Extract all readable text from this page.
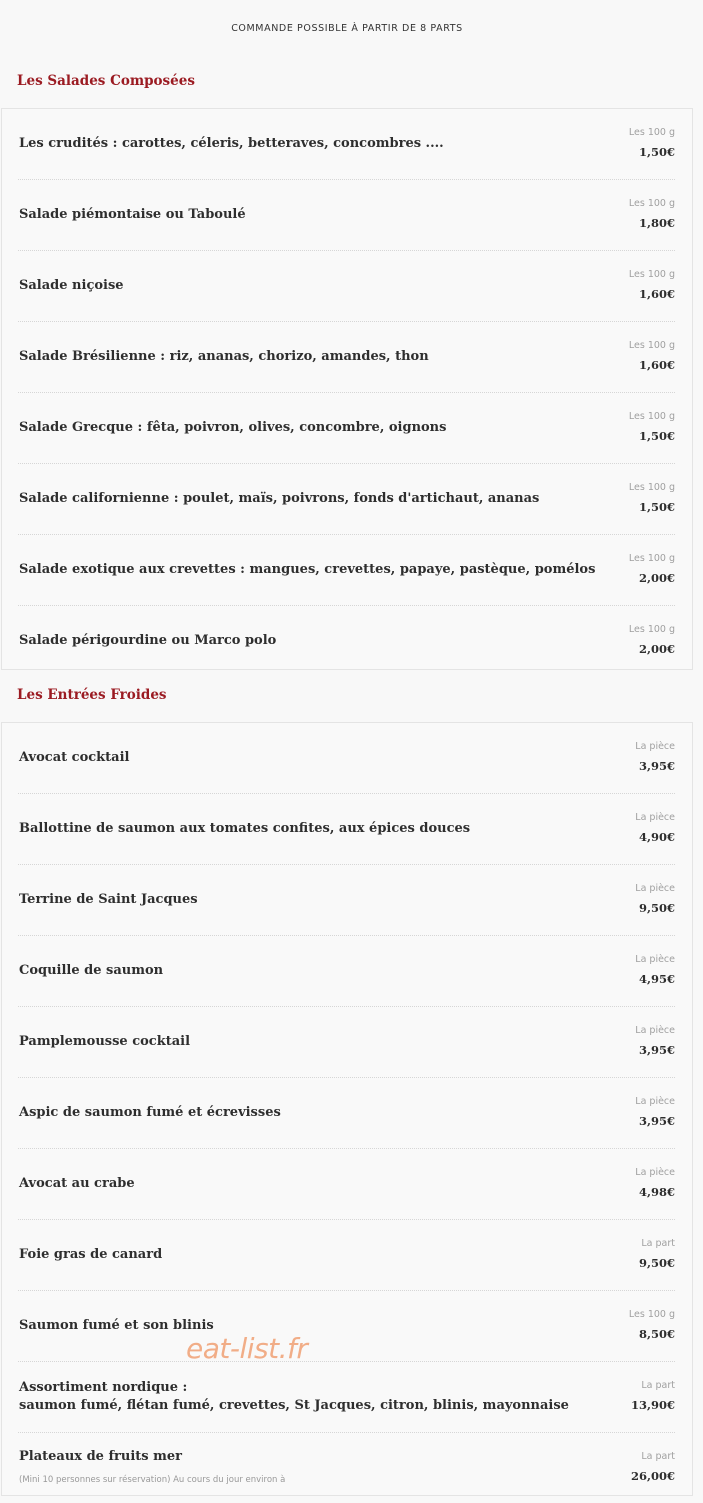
COMMANDE POSSIBLE À PARTIR DE 8 PARTS
Les Salades Composées
Les crudités : carottes, céleris, betteraves, concombres ....
Les 100 g
1,50€
Salade piémontaise ou Taboulé
Les 100 g
1,80€
Salade niçoise
Les 100 g
1,60€
Salade Brésilienne : riz, ananas, chorizo, amandes, thon
Les 100 g
1,60€
Salade Grecque : fêta, poivron, olives, concombre, oignons
Les 100 g
1,50€
Salade californienne : poulet, maïs, poivrons, fonds d'artichaut, ananas
Les 100 g
1,50€
Salade exotique aux crevettes : mangues, crevettes, papaye, pastèque, pomélos
Les 100 g
2,00€
Salade périgourdine ou Marco polo
Les 100 g
2,00€
Les Entrées Froides
Avocat cocktail
La pièce
3,95€
Ballottine de saumon aux tomates confites, aux épices douces
La pièce
4,90€
Terrine de Saint Jacques
La pièce
9,50€
Coquille de saumon
La pièce
4,95€
Pamplemousse cocktail
La pièce
3,95€
Aspic de saumon fumé et écrevisses
La pièce
3,95€
Avocat au crabe
La pièce
4,98€
Foie gras de canard
La part
9,50€
Saumon fumé et son blinis
Les 100 g
8,50€
Assortiment nordique :
saumon fumé, flétan fumé, crevettes, St Jacques, citron, blinis, mayonnaise
La part
13,90€
Plateaux de fruits mer
(Mini 10 personnes sur réservation) Au cours du jour environ à
La part
26,00€
eat-list.fr
